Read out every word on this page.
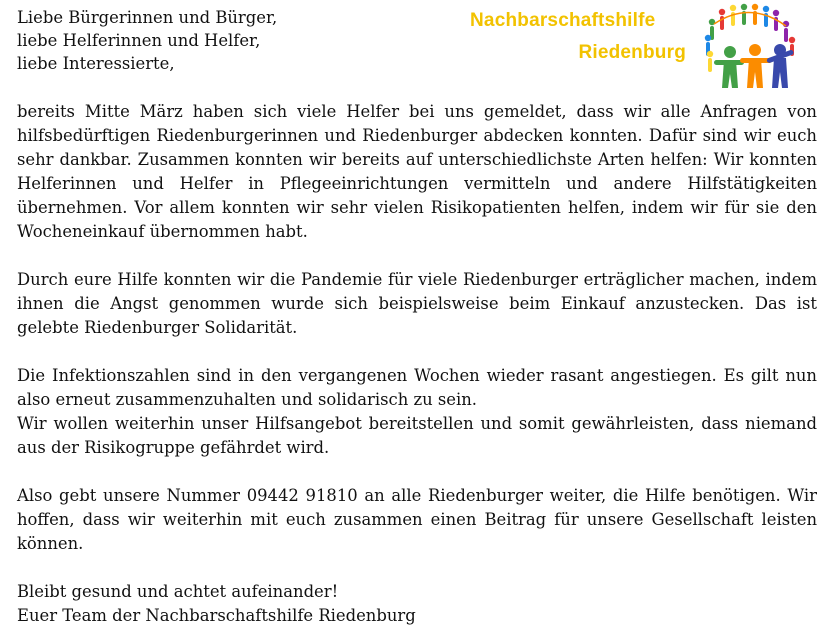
Liebe Bürgerinnen und Bürger,
liebe Helferinnen und Helfer,
liebe Interessierte,
Nachbarschaftshilfe
Riedenburg

bereits Mitte März haben sich viele Helfer bei uns gemeldet, dass wir alle Anfragen von hilfsbedürftigen Riedenburgerinnen und Riedenburger abdecken konnten. Dafür sind wir euch sehr dankbar. Zusammen konnten wir bereits auf unterschiedlichste Arten helfen: Wir konnten Helferinnen und Helfer in Pflegeeinrichtungen vermitteln und andere Hilfstätigkeiten übernehmen. Vor allem konnten wir sehr vielen Risikopatienten helfen, indem wir für sie den Wocheneinkauf übernommen habt.

Durch eure Hilfe konnten wir die Pandemie für viele Riedenburger erträglicher machen, indem ihnen die Angst genommen wurde sich beispielsweise beim Einkauf anzustecken. Das ist gelebte Riedenburger Solidarität.

Die Infektionszahlen sind in den vergangenen Wochen wieder rasant angestiegen. Es gilt nun also erneut zusammenzuhalten und solidarisch zu sein.

Wir wollen weiterhin unser Hilfsangebot bereitstellen und somit gewährleisten, dass niemand aus der Risikogruppe gefährdet wird.

Also gebt unsere Nummer 09442 91810 an alle Riedenburger weiter, die Hilfe benötigen. Wir hoffen, dass wir weiterhin mit euch zusammen einen Beitrag für unsere Gesellschaft leisten können.

Bleibt gesund und achtet aufeinander!
Euer Team der Nachbarschaftshilfe Riedenburg
